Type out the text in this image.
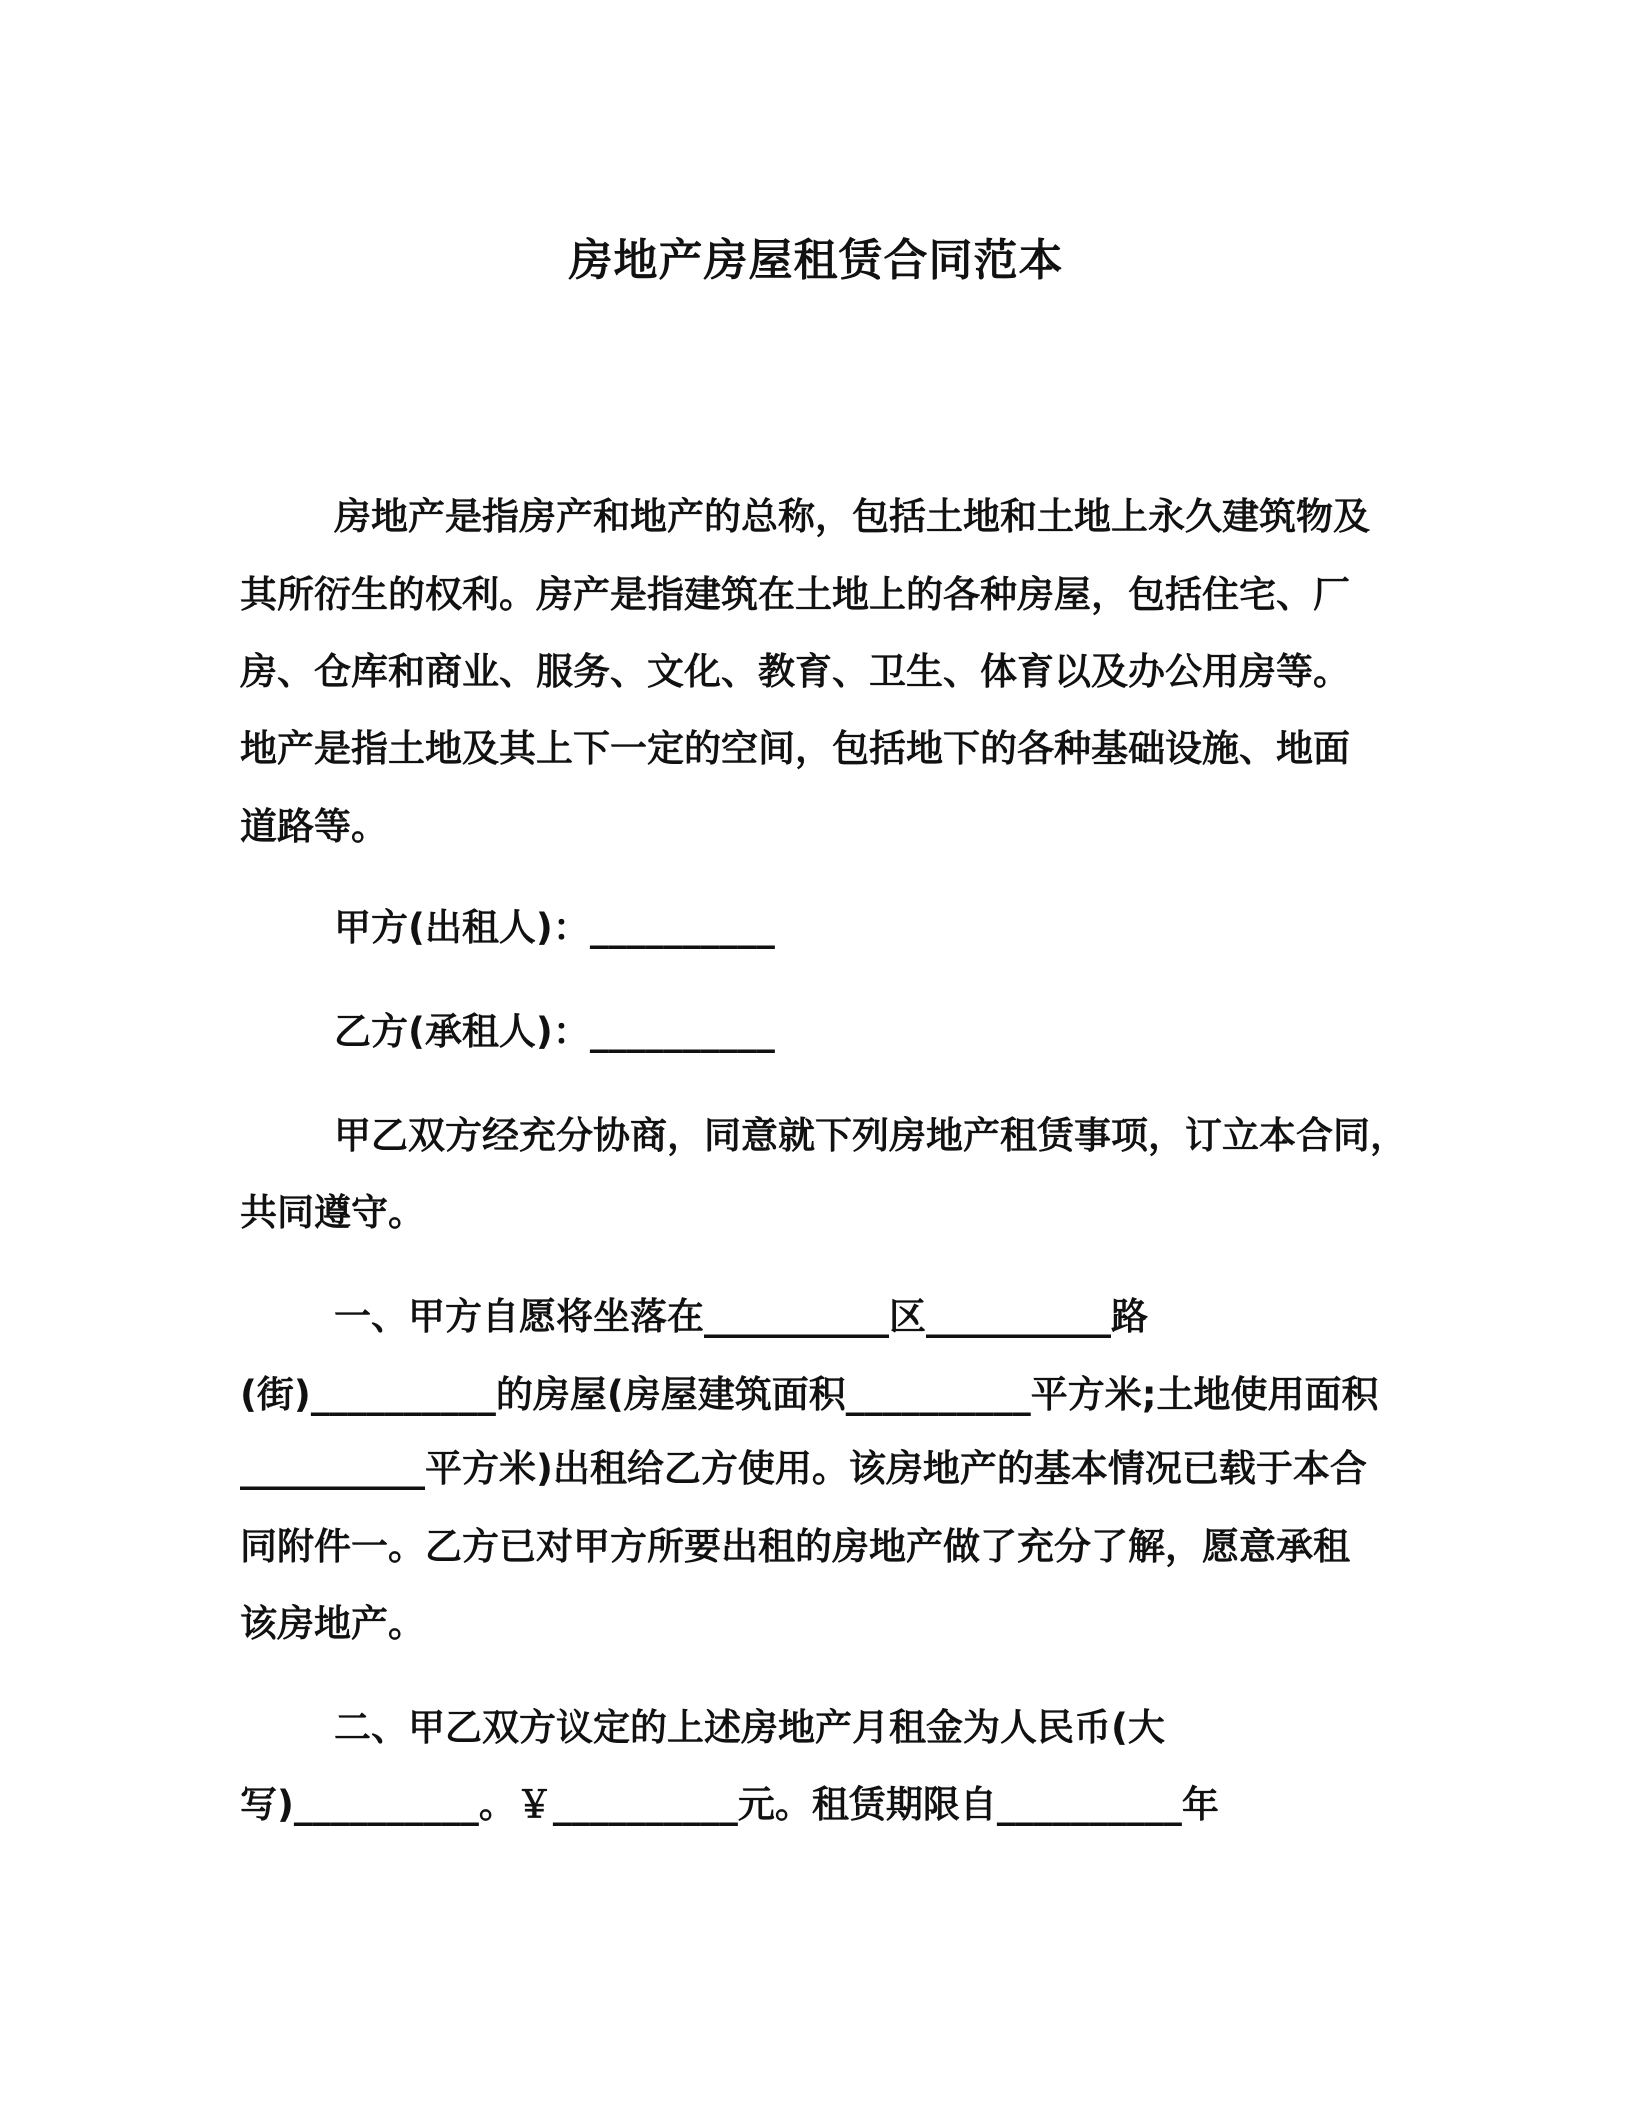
房地产房屋租赁合同范本
房地产是指房产和地产的总称，包括土地和土地上永久建筑物及
其所衍生的权利。房产是指建筑在土地上的各种房屋，包括住宅、厂
房、仓库和商业、服务、文化、教育、卫生、体育以及办公用房等。
地产是指土地及其上下一定的空间，包括地下的各种基础设施、地面
道路等。
甲方(出租人)：__________
乙方(承租人)：__________
甲乙双方经充分协商，同意就下列房地产租赁事项，订立本合同，
共同遵守。
一、甲方自愿将坐落在__________区__________路
(街)__________的房屋(房屋建筑面积__________平方米;土地使用面积
__________平方米)出租给乙方使用。该房地产的基本情况已载于本合
同附件一。乙方已对甲方所要出租的房地产做了充分了解，愿意承租
该房地产。
二、甲乙双方议定的上述房地产月租金为人民币(大
写)__________。￥__________元。租赁期限自__________年
